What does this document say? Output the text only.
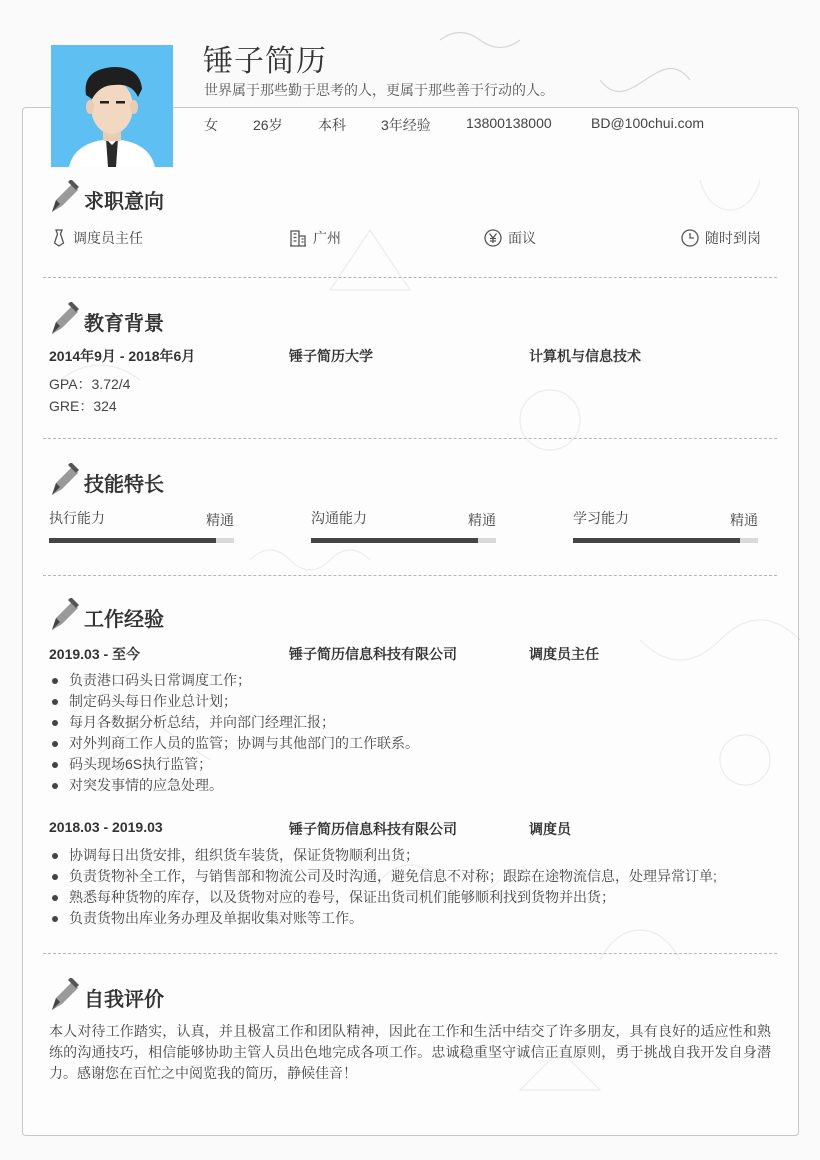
锤子简历
世界属于那些勤于思考的人，更属于那些善于行动的人。
女	26岁	本科	3年经验	13800138000	BD@100chui.com
求职意向
调度员主任	广州	面议	随时到岗
教育背景
2014年9月 - 2018年6月	锤子简历大学	计算机与信息技术
GPA：3.72/4
GRE：324
技能特长
执行能力	精通	沟通能力	精通	学习能力	精通
工作经验
2019.03 - 至今	锤子简历信息科技有限公司	调度员主任
负责港口码头日常调度工作；
制定码头每日作业总计划；
每月各数据分析总结，并向部门经理汇报；
对外判商工作人员的监管；协调与其他部门的工作联系。
码头现场6S执行监管；
对突发事情的应急处理。
2018.03 - 2019.03	锤子简历信息科技有限公司	调度员
协调每日出货安排，组织货车装货，保证货物顺利出货；
负责货物补全工作，与销售部和物流公司及时沟通，避免信息不对称；跟踪在途物流信息，处理异常订单;
熟悉每种货物的库存，以及货物对应的卷号，保证出货司机们能够顺利找到货物并出货；
负责货物出库业务办理及单据收集对账等工作。
自我评价
本人对待工作踏实，认真，并且极富工作和团队精神，因此在工作和生活中结交了许多朋友，具有良好的适应性和熟练的沟通技巧，相信能够协助主管人员出色地完成各项工作。忠诚稳重坚守诚信正直原则，勇于挑战自我开发自身潜力。感谢您在百忙之中阅览我的简历，静候佳音！
